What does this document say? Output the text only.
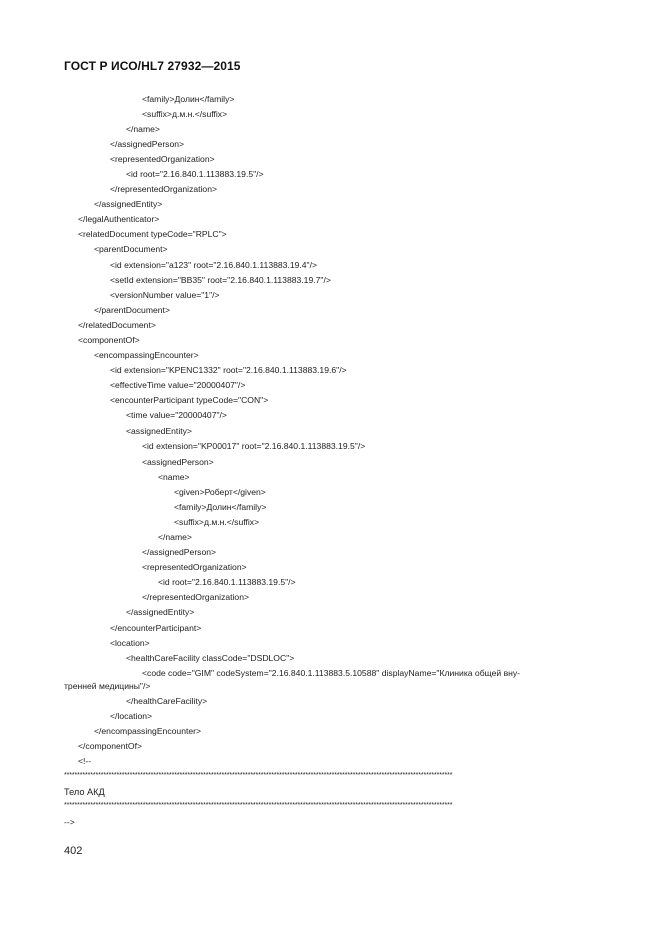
ГОСТ Р ИСО/HL7 27932—2015
<family>Долин</family>
<suffix>д.м.н.</suffix>
</name>
</assignedPerson>
<representedOrganization>
<id root="2.16.840.1.113883.19.5"/>
</representedOrganization>
</assignedEntity>
</legalAuthenticator>
<relatedDocument typeCode="RPLC">
<parentDocument>
<id extension="a123" root="2.16.840.1.113883.19.4"/>
<setId extension="BB35" root="2.16.840.1.113883.19.7"/>
<versionNumber value="1"/>
</parentDocument>
</relatedDocument>
<componentOf>
<encompassingEncounter>
<id extension="KPENC1332" root="2.16.840.1.113883.19.6"/>
<effectiveTime value="20000407"/>
<encounterParticipant typeCode="CON">
<time value="20000407"/>
<assignedEntity>
<id extension="KP00017" root="2.16.840.1.113883.19.5"/>
<assignedPerson>
<name>
<given>Роберт</given>
<family>Долин</family>
<suffix>д.м.н.</suffix>
</name>
</assignedPerson>
<representedOrganization>
<id root="2.16.840.1.113883.19.5"/>
</representedOrganization>
</assignedEntity>
</encounterParticipant>
<location>
<healthCareFacility classCode="DSDLOC">
<code code="GIM" codeSystem="2.16.840.1.113883.5.10588" displayName="Клиника общей вну-
тренней медицины"/>
</healthCareFacility>
</location>
</encompassingEncounter>
</componentOf>
<!--
****************************************************************************************************************************************************
Тело АКД
****************************************************************************************************************************************************
-->
402
